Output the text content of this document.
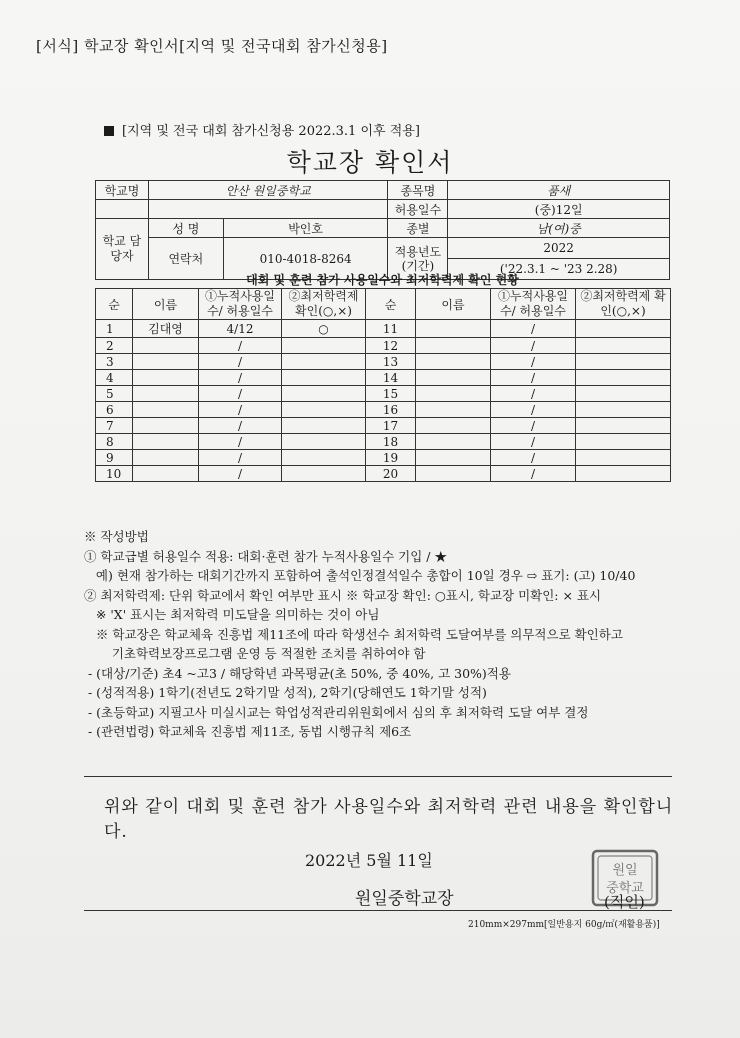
[서식] 학교장 확인서[지역 및 전국대회 참가신청용]
[지역 및 전국 대회 참가신청용 2022.3.1 이후 적용]
학교장 확인서
학교명	안산 원일중학교		종목명	품새
			허용일수	(중)12일
학교 담당자	성 명	박인호	종별	남(여)중
	연락처	010-4018-8264	적용년도 (기간)	2022
				('22.3.1 ~ '23 2.28)
대회 및 훈련 참가 사용일수와 최저학력제 확인 현황
순	이름	①누적사용일수/ 허용일수	②최저학력제 확인(○,×)	순	이름	①누적사용일수/ 허용일수	②최저학력제 확인(○,×)

1	김대영	4/12	○	11		/	
2		/		12		/	
3		/		13		/	
4		/		14		/	
5		/		15		/	
6		/		16		/	
7		/		17		/	
8		/		18		/	
9		/		19		/	
10		/		20		/	
※ 작성방법
① 학교급별 허용일수 적용: 대회·훈련 참가 누적사용일수 기입 / ★
예) 현재 참가하는 대회기간까지 포함하여 출석인정결석일수 총합이 10일 경우 ⇨ 표기: (고) 10/40
② 최저학력제: 단위 학교에서 확인 여부만 표시 ※ 학교장 확인: ○표시, 학교장 미확인: × 표시
※ 'X' 표시는 최저학력 미도달을 의미하는 것이 아님
※ 학교장은 학교체육 진흥법 제11조에 따라 학생선수 최저학력 도달여부를 의무적으로 확인하고
기초학력보장프로그램 운영 등 적절한 조치를 취하여야 함
- (대상/기준) 초4 ~고3 / 해당학년 과목평균(초 50%, 중 40%, 고 30%)적용
- (성적적용) 1학기(전년도 2학기말 성적), 2학기(당해연도 1학기말 성적)
- (초등학교) 지필고사 미실시교는 학업성적관리위원회에서 심의 후 최저학력 도달 여부 결정
- (관련법령) 학교체육 진흥법 제11조, 동법 시행규칙 제6조
위와 같이 대회 및 훈련 참가 사용일수와 최저학력 관련 내용을 확인합니다.
2022년 5월 11일
원일중학교장
원일
중학교
(직인)
210mm×297mm[일반용지 60g/㎡(재활용품)]
